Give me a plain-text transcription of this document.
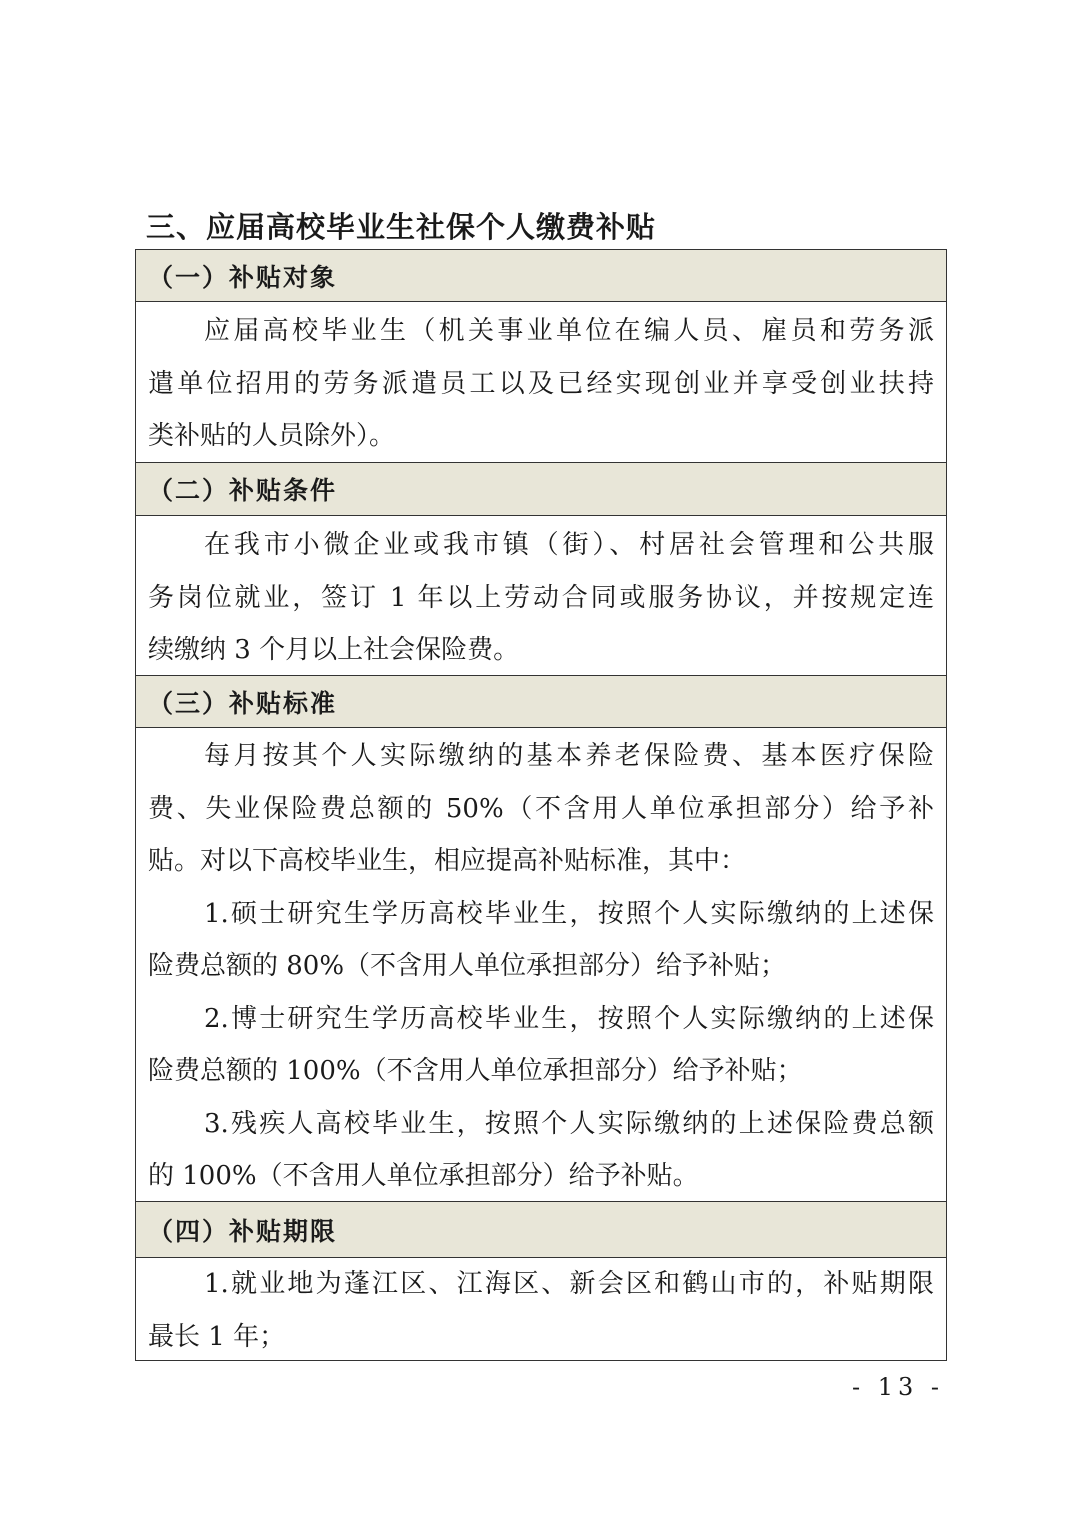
三、应届高校毕业生社保个人缴费补贴
（一）补贴对象
应届高校毕业生（机关事业单位在编人员、雇员和劳务派
遣单位招用的劳务派遣员工以及已经实现创业并享受创业扶持
类补贴的人员除外）。
（二）补贴条件
在我市小微企业或我市镇（街）、村居社会管理和公共服
务岗位就业，签订 1 年以上劳动合同或服务协议，并按规定连
续缴纳 3 个月以上社会保险费。
（三）补贴标准
每月按其个人实际缴纳的基本养老保险费、基本医疗保险
费、失业保险费总额的 50%（不含用人单位承担部分）给予补
贴。对以下高校毕业生，相应提高补贴标准，其中：
1.硕士研究生学历高校毕业生，按照个人实际缴纳的上述保
险费总额的 80%（不含用人单位承担部分）给予补贴；
2.博士研究生学历高校毕业生，按照个人实际缴纳的上述保
险费总额的 100%（不含用人单位承担部分）给予补贴；
3.残疾人高校毕业生，按照个人实际缴纳的上述保险费总额
的 100%（不含用人单位承担部分）给予补贴。
（四）补贴期限
1.就业地为蓬江区、江海区、新会区和鹤山市的，补贴期限
最长 1 年；
- 13 -
